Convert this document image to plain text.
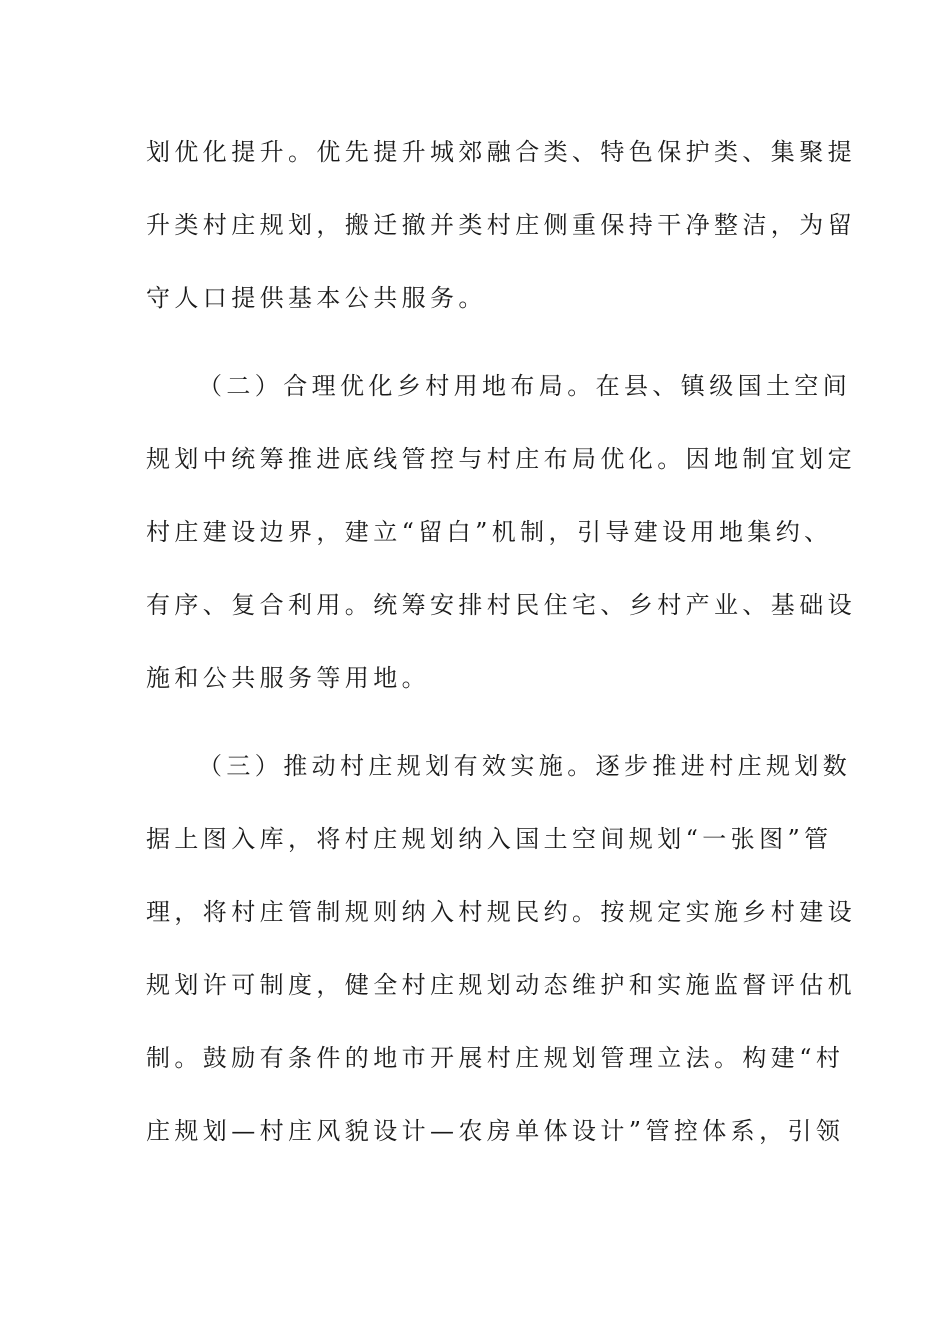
划优化提升。优先提升城郊融合类、特色保护类、集聚提
升类村庄规划，搬迁撤并类村庄侧重保持干净整洁，为留
守人口提供基本公共服务。
（二）合理优化乡村用地布局。在县、镇级国土空间
规划中统筹推进底线管控与村庄布局优化。因地制宜划定
村庄建设边界，建立“留白”机制，引导建设用地集约、
有序、复合利用。统筹安排村民住宅、乡村产业、基础设
施和公共服务等用地。
（三）推动村庄规划有效实施。逐步推进村庄规划数
据上图入库，将村庄规划纳入国土空间规划“一张图”管
理，将村庄管制规则纳入村规民约。按规定实施乡村建设
规划许可制度，健全村庄规划动态维护和实施监督评估机
制。鼓励有条件的地市开展村庄规划管理立法。构建“村
庄规划—村庄风貌设计—农房单体设计”管控体系，引领
